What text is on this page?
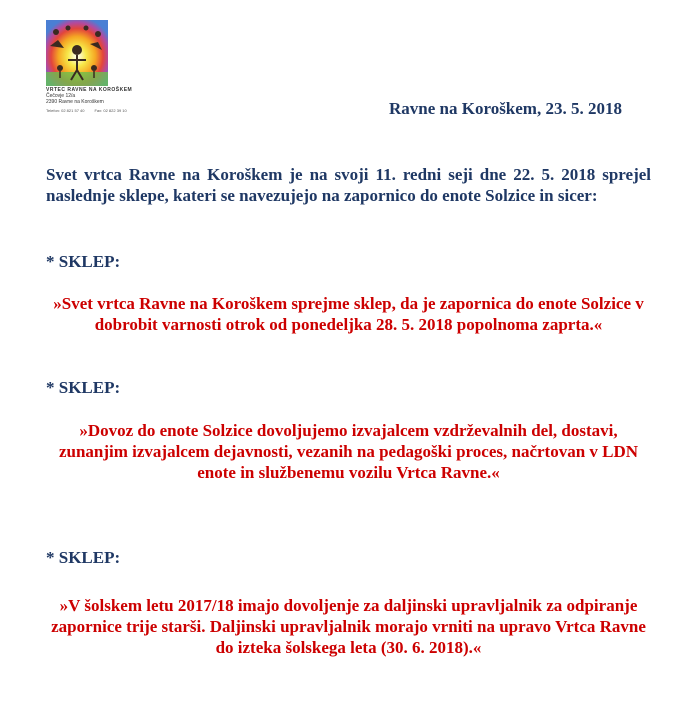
VRTEC RAVNE NA KOROŠKEM
Čečovje 12/a
2390 Ravne na Koroškem
Telefon: 02 821 57 40	Fax: 02 822 39 10	Ravne na Koroškem, 23. 5. 2018
Svet vrtca Ravne na Koroškem je na svoji 11. redni seji dne 22. 5. 2018 sprejel naslednje sklepe, kateri se navezujejo na zapornico do enote Solzice in sicer:
* SKLEP:
»Svet vrtca Ravne na Koroškem sprejme sklep, da je zapornica do enote Solzice v dobrobit varnosti otrok od ponedeljka 28. 5. 2018 popolnoma zaprta.«
* SKLEP:
»Dovoz do enote Solzice dovoljujemo izvajalcem vzdrževalnih del, dostavi, zunanjim izvajalcem dejavnosti, vezanih na pedagoški proces, načrtovan v LDN enote in službenemu vozilu Vrtca Ravne.«
* SKLEP:
»V šolskem letu 2017/18 imajo dovoljenje za daljinski upravljalnik za odpiranje zapornice trije starši. Daljinski upravljalnik morajo vrniti na upravo Vrtca Ravne do izteka šolskega leta (30. 6. 2018).«
